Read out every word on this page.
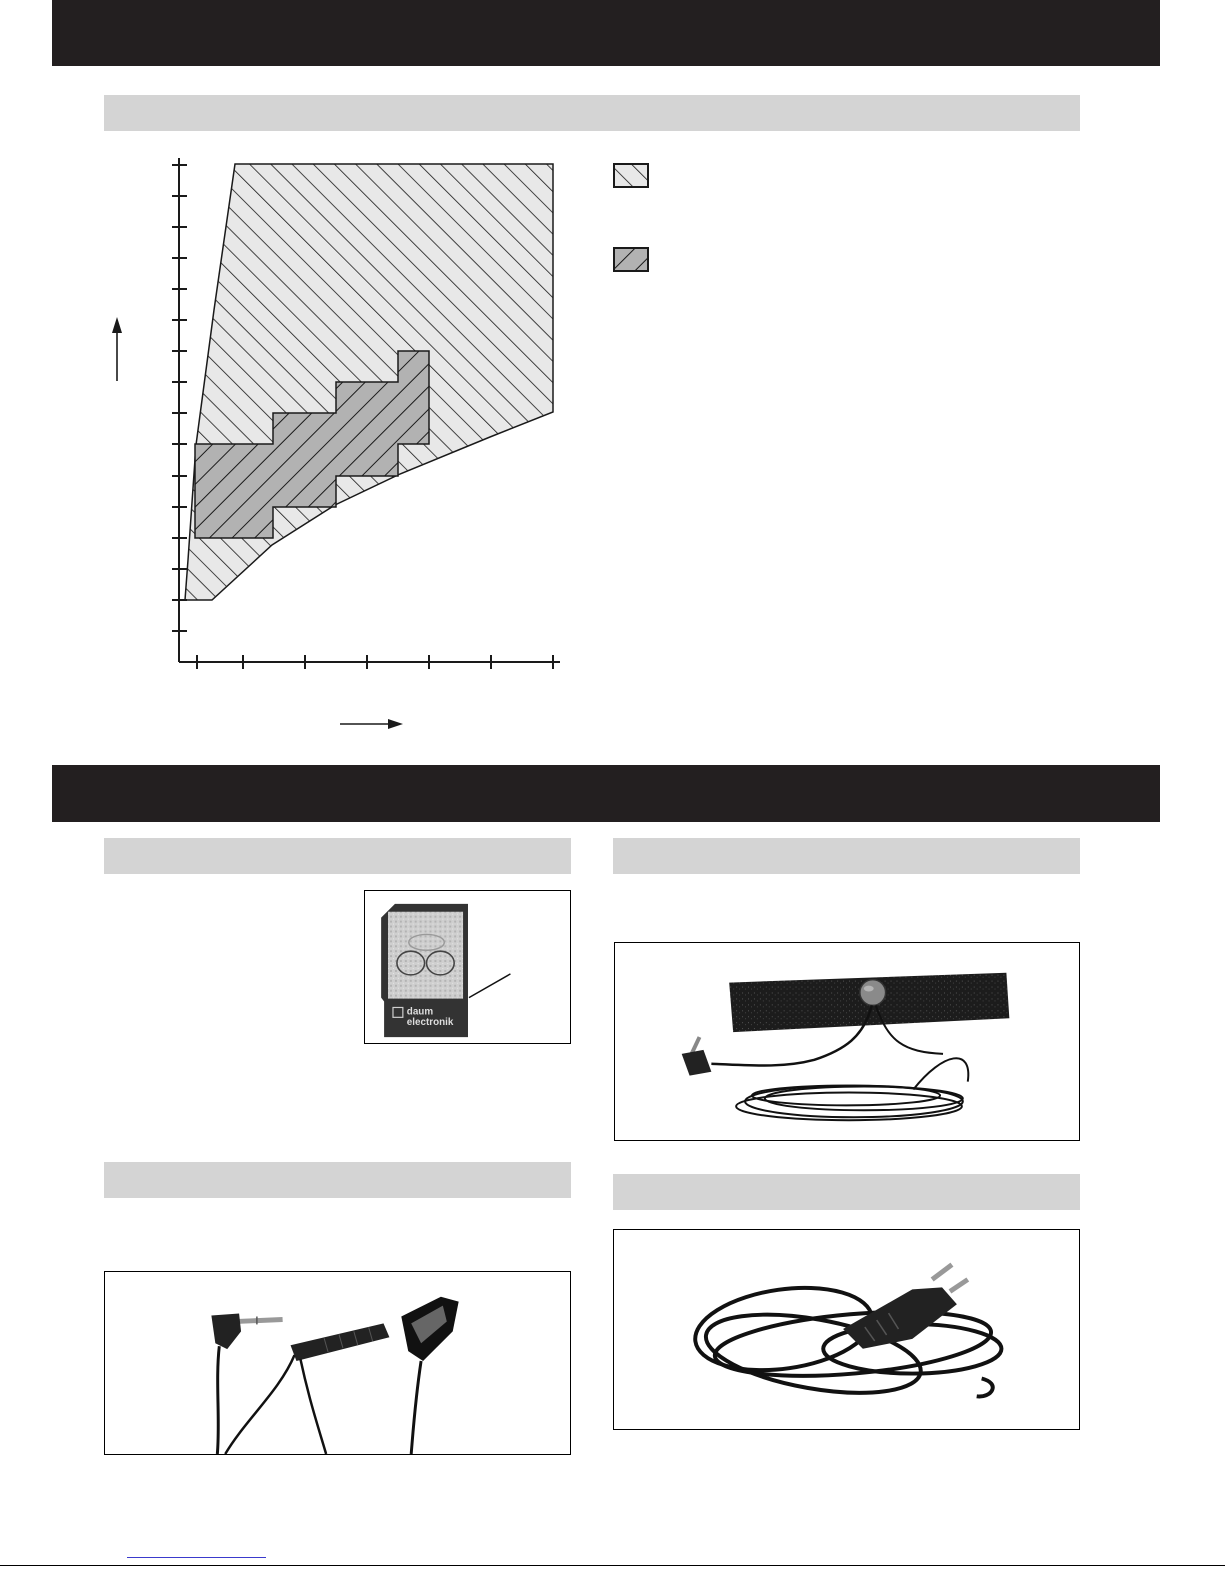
daum
electronik
